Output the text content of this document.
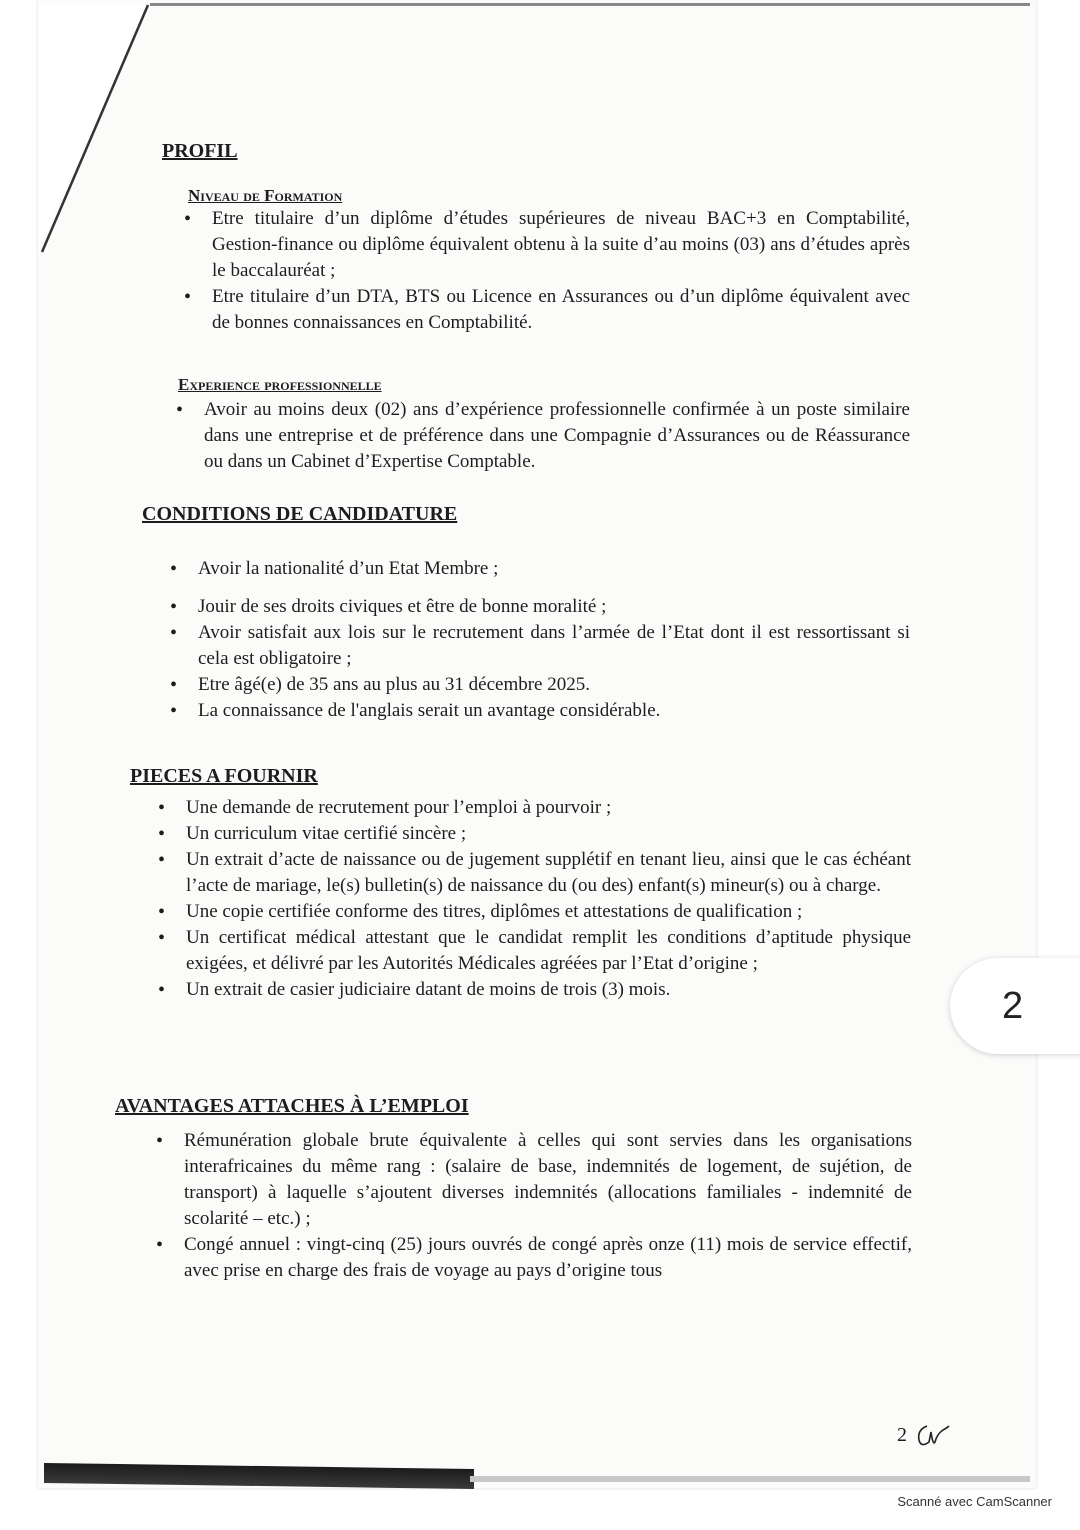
PROFIL
Niveau de Formation
• Etre titulaire d’un diplôme d’études supérieures de niveau BAC+3 en Comptabilité, Gestion-finance ou diplôme équivalent obtenu à la suite d’au moins (03) ans d’études après le baccalauréat ;
• Etre titulaire d’un DTA, BTS ou Licence en Assurances ou d’un diplôme équivalent avec de bonnes connaissances en Comptabilité.
Experience professionnelle
• Avoir au moins deux (02) ans d’expérience professionnelle confirmée à un poste similaire dans une entreprise et de préférence dans une Compagnie d’Assurances ou de Réassurance ou dans un Cabinet d’Expertise Comptable.
CONDITIONS DE CANDIDATURE
• Avoir la nationalité d’un Etat Membre ;
• Jouir de ses droits civiques et être de bonne moralité ;
• Avoir satisfait aux lois sur le recrutement dans l’armée de l’Etat dont il est ressortissant si cela est obligatoire ;
• Etre âgé(e) de 35 ans au plus au 31 décembre 2025.
• La connaissance de l'anglais serait un avantage considérable.
PIECES A FOURNIR
• Une demande de recrutement pour l’emploi à pourvoir ;
• Un curriculum vitae certifié sincère ;
• Un extrait d’acte de naissance ou de jugement supplétif en tenant lieu, ainsi que le cas échéant l’acte de mariage, le(s) bulletin(s) de naissance du (ou des) enfant(s) mineur(s) ou à charge.
• Une copie certifiée conforme des titres, diplômes et attestations de qualification ;
• Un certificat médical attestant que le candidat remplit les conditions d’aptitude physique exigées, et délivré par les Autorités Médicales agréées par l’Etat d’origine ;
• Un extrait de casier judiciaire datant de moins de trois (3) mois.
AVANTAGES ATTACHES À L’EMPLOI
• Rémunération globale brute équivalente à celles qui sont servies dans les organisations interafricaines du même rang : (salaire de base, indemnités de logement, de sujétion, de transport) à laquelle s’ajoutent diverses indemnités (allocations familiales - indemnité de scolarité – etc.) ;
• Congé annuel : vingt-cinq (25) jours ouvrés de congé après onze (11) mois de service effectif, avec prise en charge des frais de voyage au pays d’origine tous
2
2
Scanné avec CamScanner
